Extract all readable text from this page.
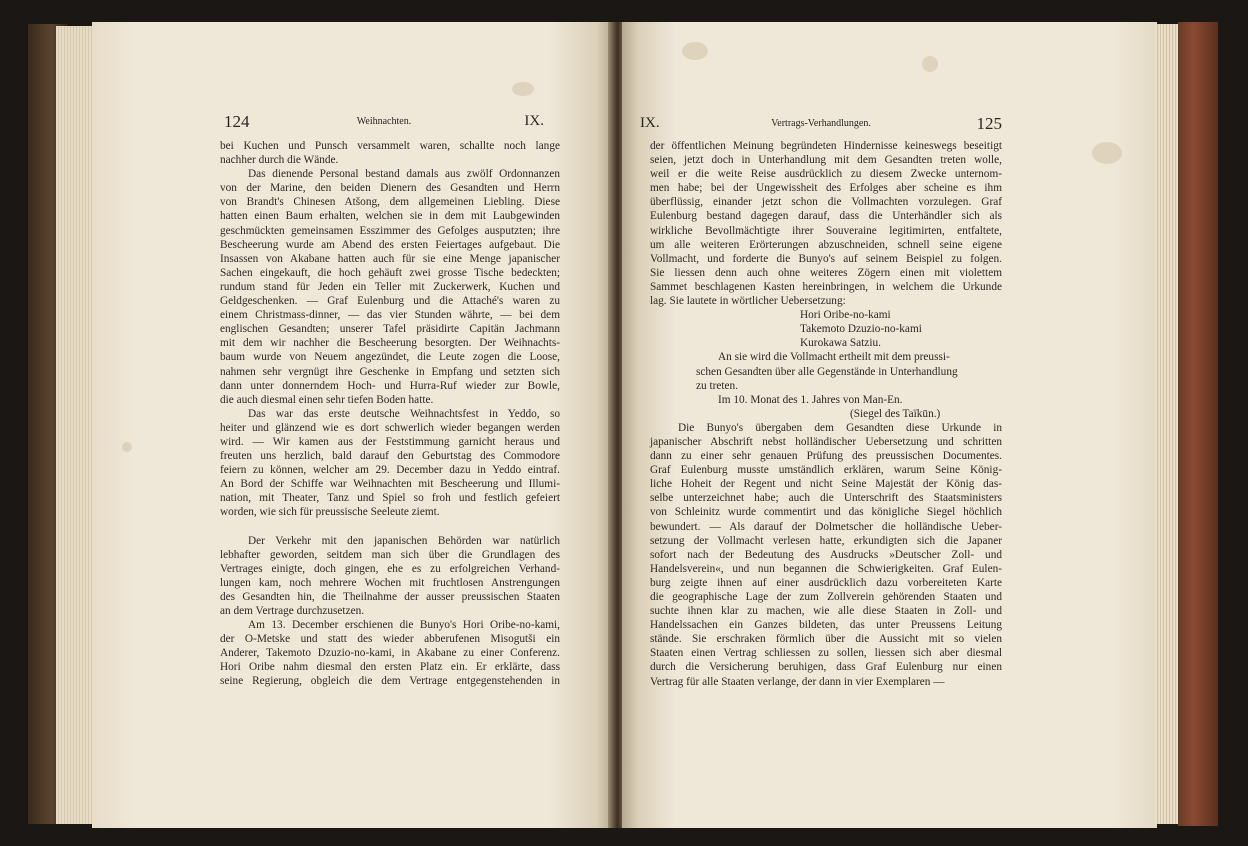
124	Weihnachten.	IX.
bei Kuchen und Punsch versammelt waren, schallte noch lange
nachher durch die Wände.
Das dienende Personal bestand damals aus zwölf Ordonnanzen
von der Marine, den beiden Dienern des Gesandten und Herrn
von Brandt's Chinesen Atšong, dem allgemeinen Liebling. Diese
hatten einen Baum erhalten, welchen sie in dem mit Laubgewinden
geschmückten gemeinsamen Esszimmer des Gefolges ausputzten; ihre
Bescheerung wurde am Abend des ersten Feiertages aufgebaut. Die
Insassen von Akabane hatten auch für sie eine Menge japanischer
Sachen eingekauft, die hoch gehäuft zwei grosse Tische bedeckten;
rundum stand für Jeden ein Teller mit Zuckerwerk, Kuchen und
Geldgeschenken. — Graf Eulenburg und die Attaché's waren zu
einem Christmass-dinner, — das vier Stunden währte, — bei dem
englischen Gesandten; unserer Tafel präsidirte Capitän Jachmann
mit dem wir nachher die Bescheerung besorgten. Der Weihnachts-
baum wurde von Neuem angezündet, die Leute zogen die Loose,
nahmen sehr vergnügt ihre Geschenke in Empfang und setzten sich
dann unter donnerndem Hoch- und Hurra-Ruf wieder zur Bowle,
die auch diesmal einen sehr tiefen Boden hatte.
Das war das erste deutsche Weihnachtsfest in Yeddo, so
heiter und glänzend wie es dort schwerlich wieder begangen werden
wird. — Wir kamen aus der Feststimmung garnicht heraus und
freuten uns herzlich, bald darauf den Geburtstag des Commodore
feiern zu können, welcher am 29. December dazu in Yeddo eintraf.
An Bord der Schiffe war Weihnachten mit Bescheerung und Illumi-
nation, mit Theater, Tanz und Spiel so froh und festlich gefeiert
worden, wie sich für preussische Seeleute ziemt.
Der Verkehr mit den japanischen Behörden war natürlich
lebhafter geworden, seitdem man sich über die Grundlagen des
Vertrages einigte, doch gingen, ehe es zu erfolgreichen Verhand-
lungen kam, noch mehrere Wochen mit fruchtlosen Anstrengungen
des Gesandten hin, die Theilnahme der ausser preussischen Staaten
an dem Vertrage durchzusetzen.
Am 13. December erschienen die Bunyo's Hori Oribe-no-kami,
der O-Metske und statt des wieder abberufenen Misogutši ein
Anderer, Takemoto Dzuzio-no-kami, in Akabane zu einer Conferenz.
Hori Oribe nahm diesmal den ersten Platz ein. Er erklärte, dass
seine Regierung, obgleich die dem Vertrage entgegenstehenden in
IX.	Vertrags-Verhandlungen.	125
der öffentlichen Meinung begründeten Hindernisse keineswegs beseitigt
seien, jetzt doch in Unterhandlung mit dem Gesandten treten wolle,
weil er die weite Reise ausdrücklich zu diesem Zwecke unternom-
men habe; bei der Ungewissheit des Erfolges aber scheine es ihm
überflüssig, einander jetzt schon die Vollmachten vorzulegen. Graf
Eulenburg bestand dagegen darauf, dass die Unterhändler sich als
wirkliche Bevollmächtigte ihrer Souveraine legitimirten, entfaltete,
um alle weiteren Erörterungen abzuschneiden, schnell seine eigene
Vollmacht, und forderte die Bunyo's auf seinem Beispiel zu folgen.
Sie liessen denn auch ohne weiteres Zögern einen mit violettem
Sammet beschlagenen Kasten hereinbringen, in welchem die Urkunde
lag. Sie lautete in wörtlicher Uebersetzung:
Hori Oribe-no-kami
Takemoto Dzuzio-no-kami
Kurokawa Satziu.
An sie wird die Vollmacht ertheilt mit dem preussi-
schen Gesandten über alle Gegenstände in Unterhandlung
zu treten.
Im 10. Monat des 1. Jahres von Man-En.
(Siegel des Taïkūn.)
Die Bunyo's übergaben dem Gesandten diese Urkunde in
japanischer Abschrift nebst holländischer Uebersetzung und schritten
dann zu einer sehr genauen Prüfung des preussischen Documentes.
Graf Eulenburg musste umständlich erklären, warum Seine König-
liche Hoheit der Regent und nicht Seine Majestät der König das-
selbe unterzeichnet habe; auch die Unterschrift des Staatsministers
von Schleinitz wurde commentirt und das königliche Siegel höchlich
bewundert. — Als darauf der Dolmetscher die holländische Ueber-
setzung der Vollmacht verlesen hatte, erkundigten sich die Japaner
sofort nach der Bedeutung des Ausdrucks »Deutscher Zoll- und
Handelsverein«, und nun begannen die Schwierigkeiten. Graf Eulen-
burg zeigte ihnen auf einer ausdrücklich dazu vorbereiteten Karte
die geographische Lage der zum Zollverein gehörenden Staaten und
suchte ihnen klar zu machen, wie alle diese Staaten in Zoll- und
Handelssachen ein Ganzes bildeten, das unter Preussens Leitung
stände. Sie erschraken förmlich über die Aussicht mit so vielen
Staaten einen Vertrag schliessen zu sollen, liessen sich aber diesmal
durch die Versicherung beruhigen, dass Graf Eulenburg nur einen
Vertrag für alle Staaten verlange, der dann in vier Exemplaren —
